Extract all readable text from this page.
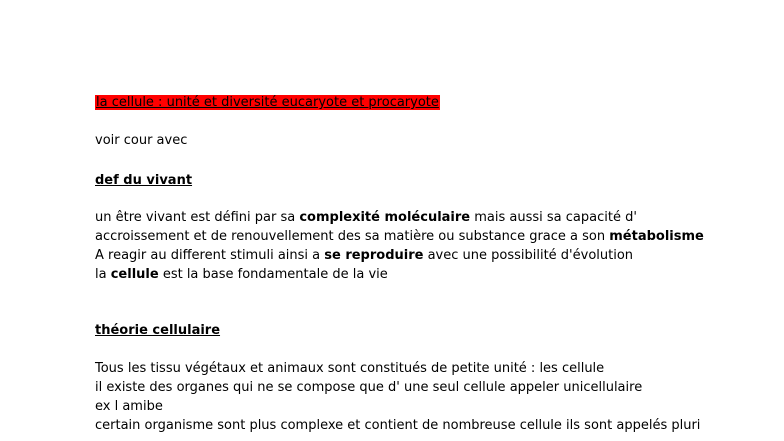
la cellule : unité et diversité eucaryote et procaryote
voir cour avec
def du vivant
un être vivant est défini par sa complexité moléculaire mais aussi sa capacité d'
accroissement et de renouvellement des sa matière ou substance grace a son métabolisme
A reagir au different stimuli ainsi a se reproduire avec une possibilité d'évolution
la cellule est la base fondamentale de la vie
théorie cellulaire
Tous les tissu végétaux et animaux sont constitués de petite unité : les cellule
il existe des organes qui ne se compose que d' une seul cellule appeler unicellulaire
ex l amibe
certain organisme sont plus complexe et contient de nombreuse cellule ils sont appelés pluri
